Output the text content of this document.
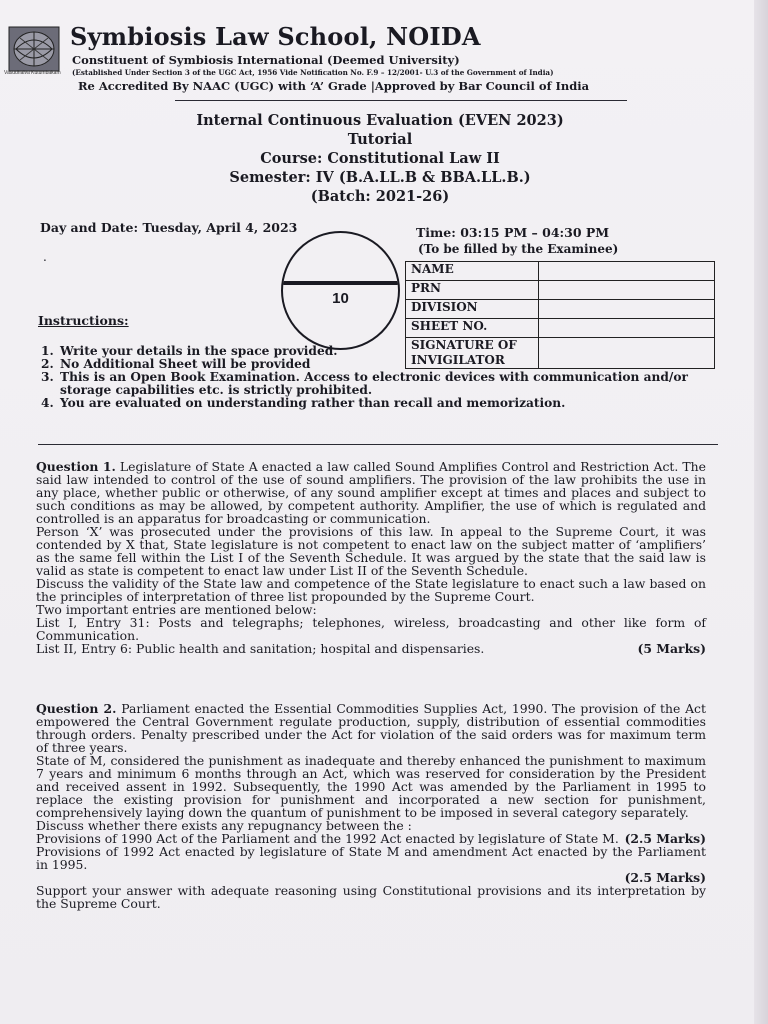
Vasudhaiva Kutumbakam
Symbiosis Law School, NOIDA
Constituent of Symbiosis International (Deemed University)
(Established Under Section 3 of the UGC Act, 1956 Vide Notification No. F.9 – 12/2001- U.3 of the Government of India)
Re Accredited By NAAC (UGC) with ‘A’ Grade |Approved by Bar Council of India
Internal Continuous Evaluation (EVEN 2023)
Tutorial
Course: Constitutional Law II
Semester: IV (B.A.LL.B & BBA.LL.B.)
(Batch: 2021-26)
Day and Date: Tuesday, April 4, 2023
.
10
Time: 03:15 PM – 04:30 PM
(To be filled by the Examinee)
NAME	
PRN	
DIVISION	
SHEET NO.	
SIGNATURE OF INVIGILATOR	
Instructions:
1. Write your details in the space provided.
2. No Additional Sheet will be provided
3. This is an Open Book Examination. Access to electronic devices with communication and/or storage capabilities etc. is strictly prohibited.
4. You are evaluated on understanding rather than recall and memorization.

Question 1. Legislature of State A enacted a law called Sound Amplifies Control and Restriction Act. The said law intended to control of the use of sound amplifiers. The provision of the law prohibits the use in any place, whether public or otherwise, of any sound amplifier except at times and places and subject to such conditions as may be allowed, by competent authority. Amplifier, the use of which is regulated and controlled is an apparatus for broadcasting or communication.

Person ‘X’ was prosecuted under the provisions of this law. In appeal to the Supreme Court, it was contended by X that, State legislature is not competent to enact law on the subject matter of ‘amplifiers’ as the same fell within the List I of the Seventh Schedule. It was argued by the state that the said law is valid as state is competent to enact law under List II of the Seventh Schedule.

Discuss the validity of the State law and competence of the State legislature to enact such a law based on the principles of interpretation of three list propounded by the Supreme Court.

Two important entries are mentioned below:

List I, Entry 31: Posts and telegraphs; telephones, wireless, broadcasting and other like form of Communication.

List II, Entry 6: Public health and sanitation; hospital and dispensaries.	(5 Marks)

Question 2. Parliament enacted the Essential Commodities Supplies Act, 1990. The provision of the Act empowered the Central Government regulate production, supply, distribution of essential commodities through orders. Penalty prescribed under the Act for violation of the said orders was for maximum term of three years.

State of M, considered the punishment as inadequate and thereby enhanced the punishment to maximum 7 years and minimum 6 months through an Act, which was reserved for consideration by the President and received assent in 1992. Subsequently, the 1990 Act was amended by the Parliament in 1995 to replace the existing provision for punishment and incorporated a new section for punishment, comprehensively laying down the quantum of punishment to be imposed in several category separately.

Discuss whether there exists any repugnancy between the :

Provisions of 1990 Act of the Parliament and the 1992 Act enacted by legislature of State M. (2.5 Marks)

Provisions of 1992 Act enacted by legislature of State M and amendment Act enacted by the Parliament in 1995.

(2.5 Marks)

Support your answer with adequate reasoning using Constitutional provisions and its interpretation by the Supreme Court.
